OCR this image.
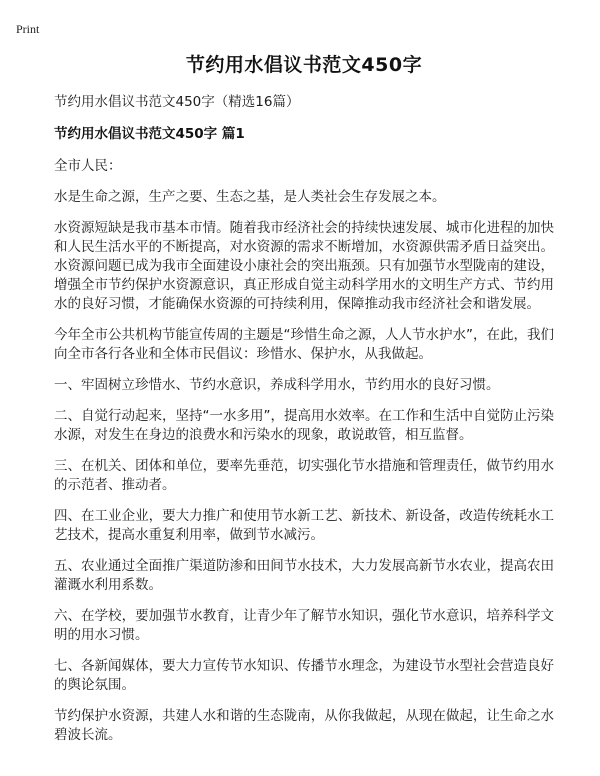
Print
节约用水倡议书范文450字

节约用水倡议书范文450字（精选16篇）

节约用水倡议书范文450字 篇1

全市人民：

水是生命之源，生产之要、生态之基，是人类社会生存发展之本。

水资源短缺是我市基本市情。随着我市经济社会的持续快速发展、城市化进程的加快和人民生活水平的不断提高，对水资源的需求不断增加，水资源供需矛盾日益突出。水资源问题已成为我市全面建设小康社会的突出瓶颈。只有加强节水型陇南的建设，增强全市节约保护水资源意识，真正形成自觉主动科学用水的文明生产方式、节约用水的良好习惯，才能确保水资源的可持续利用，保障推动我市经济社会和谐发展。

今年全市公共机构节能宣传周的主题是“珍惜生命之源，人人节水护水”，在此，我们向全市各行各业和全体市民倡议：珍惜水、保护水，从我做起。

一、牢固树立珍惜水、节约水意识，养成科学用水，节约用水的良好习惯。

二、自觉行动起来，坚持“一水多用”，提高用水效率。在工作和生活中自觉防止污染水源，对发生在身边的浪费水和污染水的现象，敢说敢管，相互监督。

三、在机关、团体和单位，要率先垂范，切实强化节水措施和管理责任，做节约用水的示范者、推动者。

四、在工业企业，要大力推广和使用节水新工艺、新技术、新设备，改造传统耗水工艺技术，提高水重复利用率，做到节水减污。

五、农业通过全面推广渠道防渗和田间节水技术，大力发展高新节水农业，提高农田灌溉水利用系数。

六、在学校，要加强节水教育，让青少年了解节水知识，强化节水意识，培养科学文明的用水习惯。

七、各新闻媒体，要大力宣传节水知识、传播节水理念，为建设节水型社会营造良好的舆论氛围。

节约保护水资源，共建人水和谐的生态陇南，从你我做起，从现在做起，让生命之水碧波长流。
